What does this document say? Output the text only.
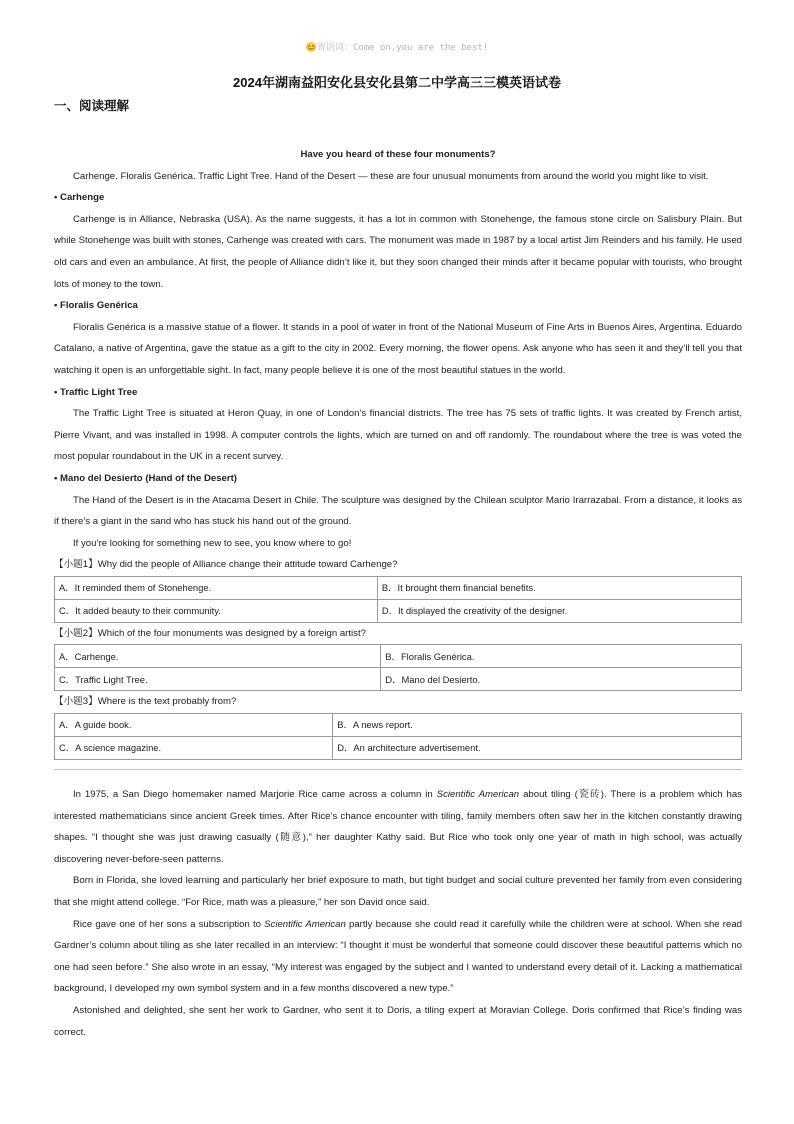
😊寄语词：Come on,you are the best!
2024年湖南益阳安化县安化县第二中学高三三模英语试卷
一、阅读理解

Have you heard of these four monuments?

Carhenge. Floralis Genérica. Traffic Light Tree. Hand of the Desert — these are four unusual monuments from around the world you might like to visit.

• Carhenge

Carhenge is in Alliance, Nebraska (USA). As the name suggests, it has a lot in common with Stonehenge, the famous stone circle on Salisbury Plain. But while Stonehenge was built with stones, Carhenge was created with cars. The monument was made in 1987 by a local artist Jim Reinders and his family. He used old cars and even an ambulance. At first, the people of Alliance didn’t like it, but they soon changed their minds after it became popular with tourists, who brought lots of money to the town.

• Floralis Genérica

Floralis Genérica is a massive statue of a flower. It stands in a pool of water in front of the National Museum of Fine Arts in Buenos Aires, Argentina. Eduardo Catalano, a native of Argentina, gave the statue as a gift to the city in 2002. Every morning, the flower opens. Ask anyone who has seen it and they’ll tell you that watching it open is an unforgettable sight. In fact, many people believe it is one of the most beautiful statues in the world.

• Traffic Light Tree

The Traffic Light Tree is situated at Heron Quay, in one of London’s financial districts. The tree has 75 sets of traffic lights. It was created by French artist, Pierre Vivant, and was installed in 1998. A computer controls the lights, which are turned on and off randomly. The roundabout where the tree is was voted the most popular roundabout in the UK in a recent survey.

• Mano del Desierto (Hand of the Desert)

The Hand of the Desert is in the Atacama Desert in Chile. The sculpture was designed by the Chilean sculptor Mario Irarrazabal. From a distance, it looks as if there’s a giant in the sand who has stuck his hand out of the ground.

If you’re looking for something new to see, you know where to go!

【小题1】Why did the people of Alliance change their attitude toward Carhenge?

A．It reminded them of Stonehenge.	B．It brought them financial benefits.
C．It added beauty to their community.	D．It displayed the creativity of the designer.

【小题2】Which of the four monuments was designed by a foreign artist?

A．Carhenge.	B．Floralis Genérica.
C．Traffic Light Tree.	D．Mano del Desierto.

【小题3】Where is the text probably from?

A．A guide book.	B．A news report.
C．A science magazine.	D．An architecture advertisement.

In 1975, a San Diego homemaker named Marjorie Rice came across a column in Scientific American about tiling (瓷砖). There is a problem which has interested mathematicians since ancient Greek times. After Rice’s chance encounter with tiling, family members often saw her in the kitchen constantly drawing shapes. “I thought she was just drawing casually (随意),” her daughter Kathy said. But Rice who took only one year of math in high school, was actually discovering never-before-seen patterns.

Born in Florida, she loved learning and particularly her brief exposure to math, but tight budget and social culture prevented her family from even considering that she might attend college. “For Rice, math was a pleasure,” her son David once said.

Rice gave one of her sons a subscription to Scientific American partly because she could read it carefully while the children were at school. When she read Gardner’s column about tiling as she later recalled in an interview: “I thought it must be wonderful that someone could discover these beautiful patterns which no one had seen before.” She also wrote in an essay, “My interest was engaged by the subject and I wanted to understand every detail of it. Lacking a mathematical background, I developed my own symbol system and in a few months discovered a new type.”

Astonished and delighted, she sent her work to Gardner, who sent it to Doris, a tiling expert at Moravian College. Doris confirmed that Rice’s finding was correct.
